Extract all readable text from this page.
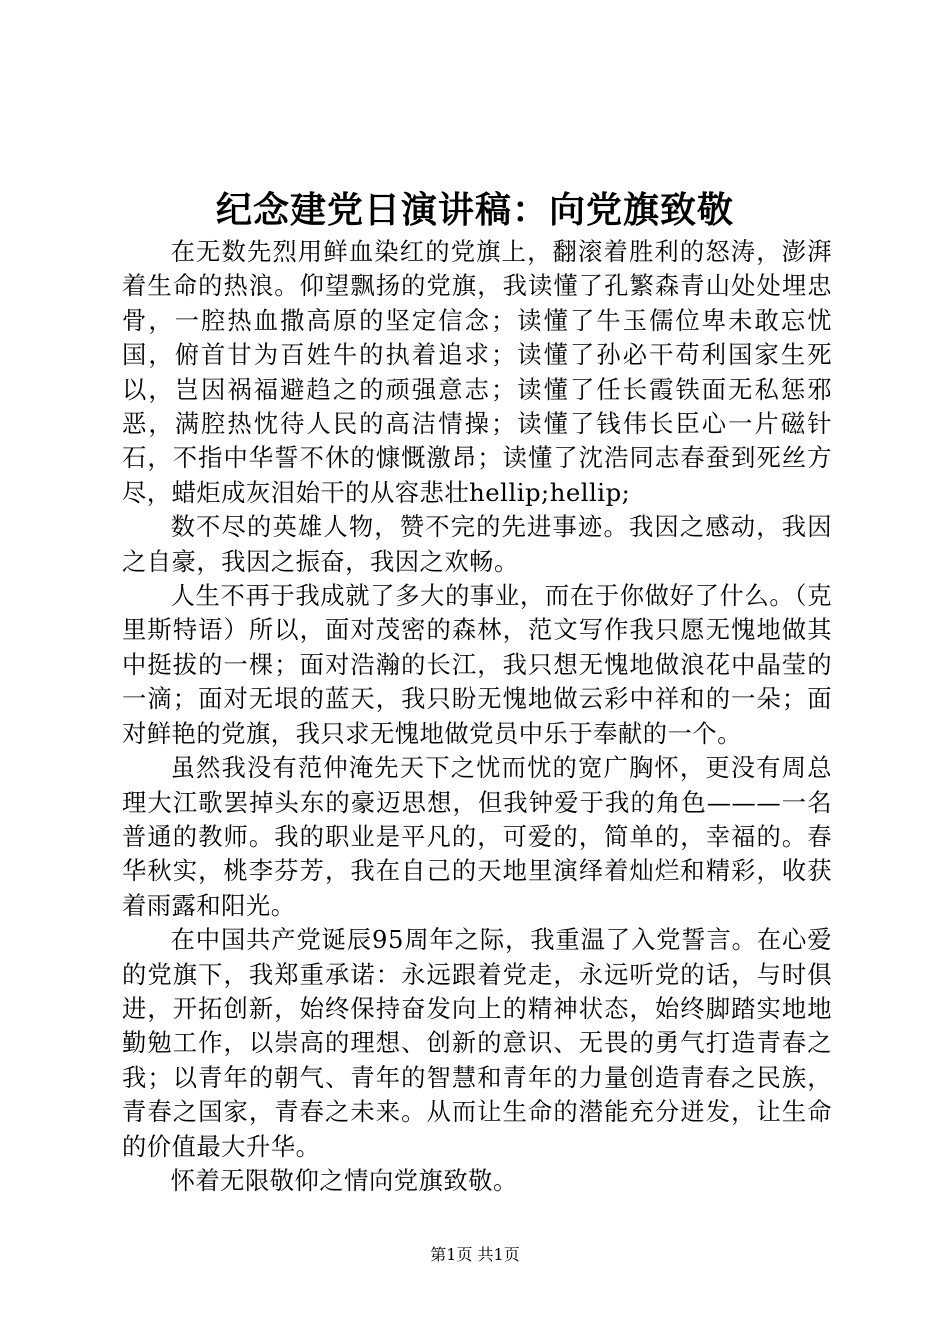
纪念建党日演讲稿：向党旗致敬

在无数先烈用鲜血染红的党旗上，翻滚着胜利的怒涛，澎湃着生命的热浪。仰望飘扬的党旗，我读懂了孔繁森青山处处埋忠骨，一腔热血撒高原的坚定信念；读懂了牛玉儒位卑未敢忘忧国，俯首甘为百姓牛的执着追求；读懂了孙必干苟利国家生死以，岂因祸福避趋之的顽强意志；读懂了任长霞铁面无私惩邪恶，满腔热忱待人民的高洁情操；读懂了钱伟长臣心一片磁针石，不指中华誓不休的慷慨激昂；读懂了沈浩同志春蚕到死丝方尽，蜡炬成灰泪始干的从容悲壮hellip;hellip;

数不尽的英雄人物，赞不完的先进事迹。我因之感动，我因之自豪，我因之振奋，我因之欢畅。

人生不再于我成就了多大的事业，而在于你做好了什么。（克里斯特语）所以，面对茂密的森林，范文写作我只愿无愧地做其中挺拔的一棵；面对浩瀚的长江，我只想无愧地做浪花中晶莹的一滴；面对无垠的蓝天，我只盼无愧地做云彩中祥和的一朵；面对鲜艳的党旗，我只求无愧地做党员中乐于奉献的一个。

虽然我没有范仲淹先天下之忧而忧的宽广胸怀，更没有周总理大江歌罢掉头东的豪迈思想，但我钟爱于我的角色———一名普通的教师。我的职业是平凡的，可爱的，简单的，幸福的。春华秋实，桃李芬芳，我在自己的天地里演绎着灿烂和精彩，收获着雨露和阳光。

在中国共产党诞辰95周年之际，我重温了入党誓言。在心爱的党旗下，我郑重承诺：永远跟着党走，永远听党的话，与时俱进，开拓创新，始终保持奋发向上的精神状态，始终脚踏实地地勤勉工作，以崇高的理想、创新的意识、无畏的勇气打造青春之我；以青年的朝气、青年的智慧和青年的力量创造青春之民族，青春之国家，青春之未来。从而让生命的潜能充分迸发，让生命的价值最大升华。

怀着无限敬仰之情向党旗致敬。

第1页 共1页
